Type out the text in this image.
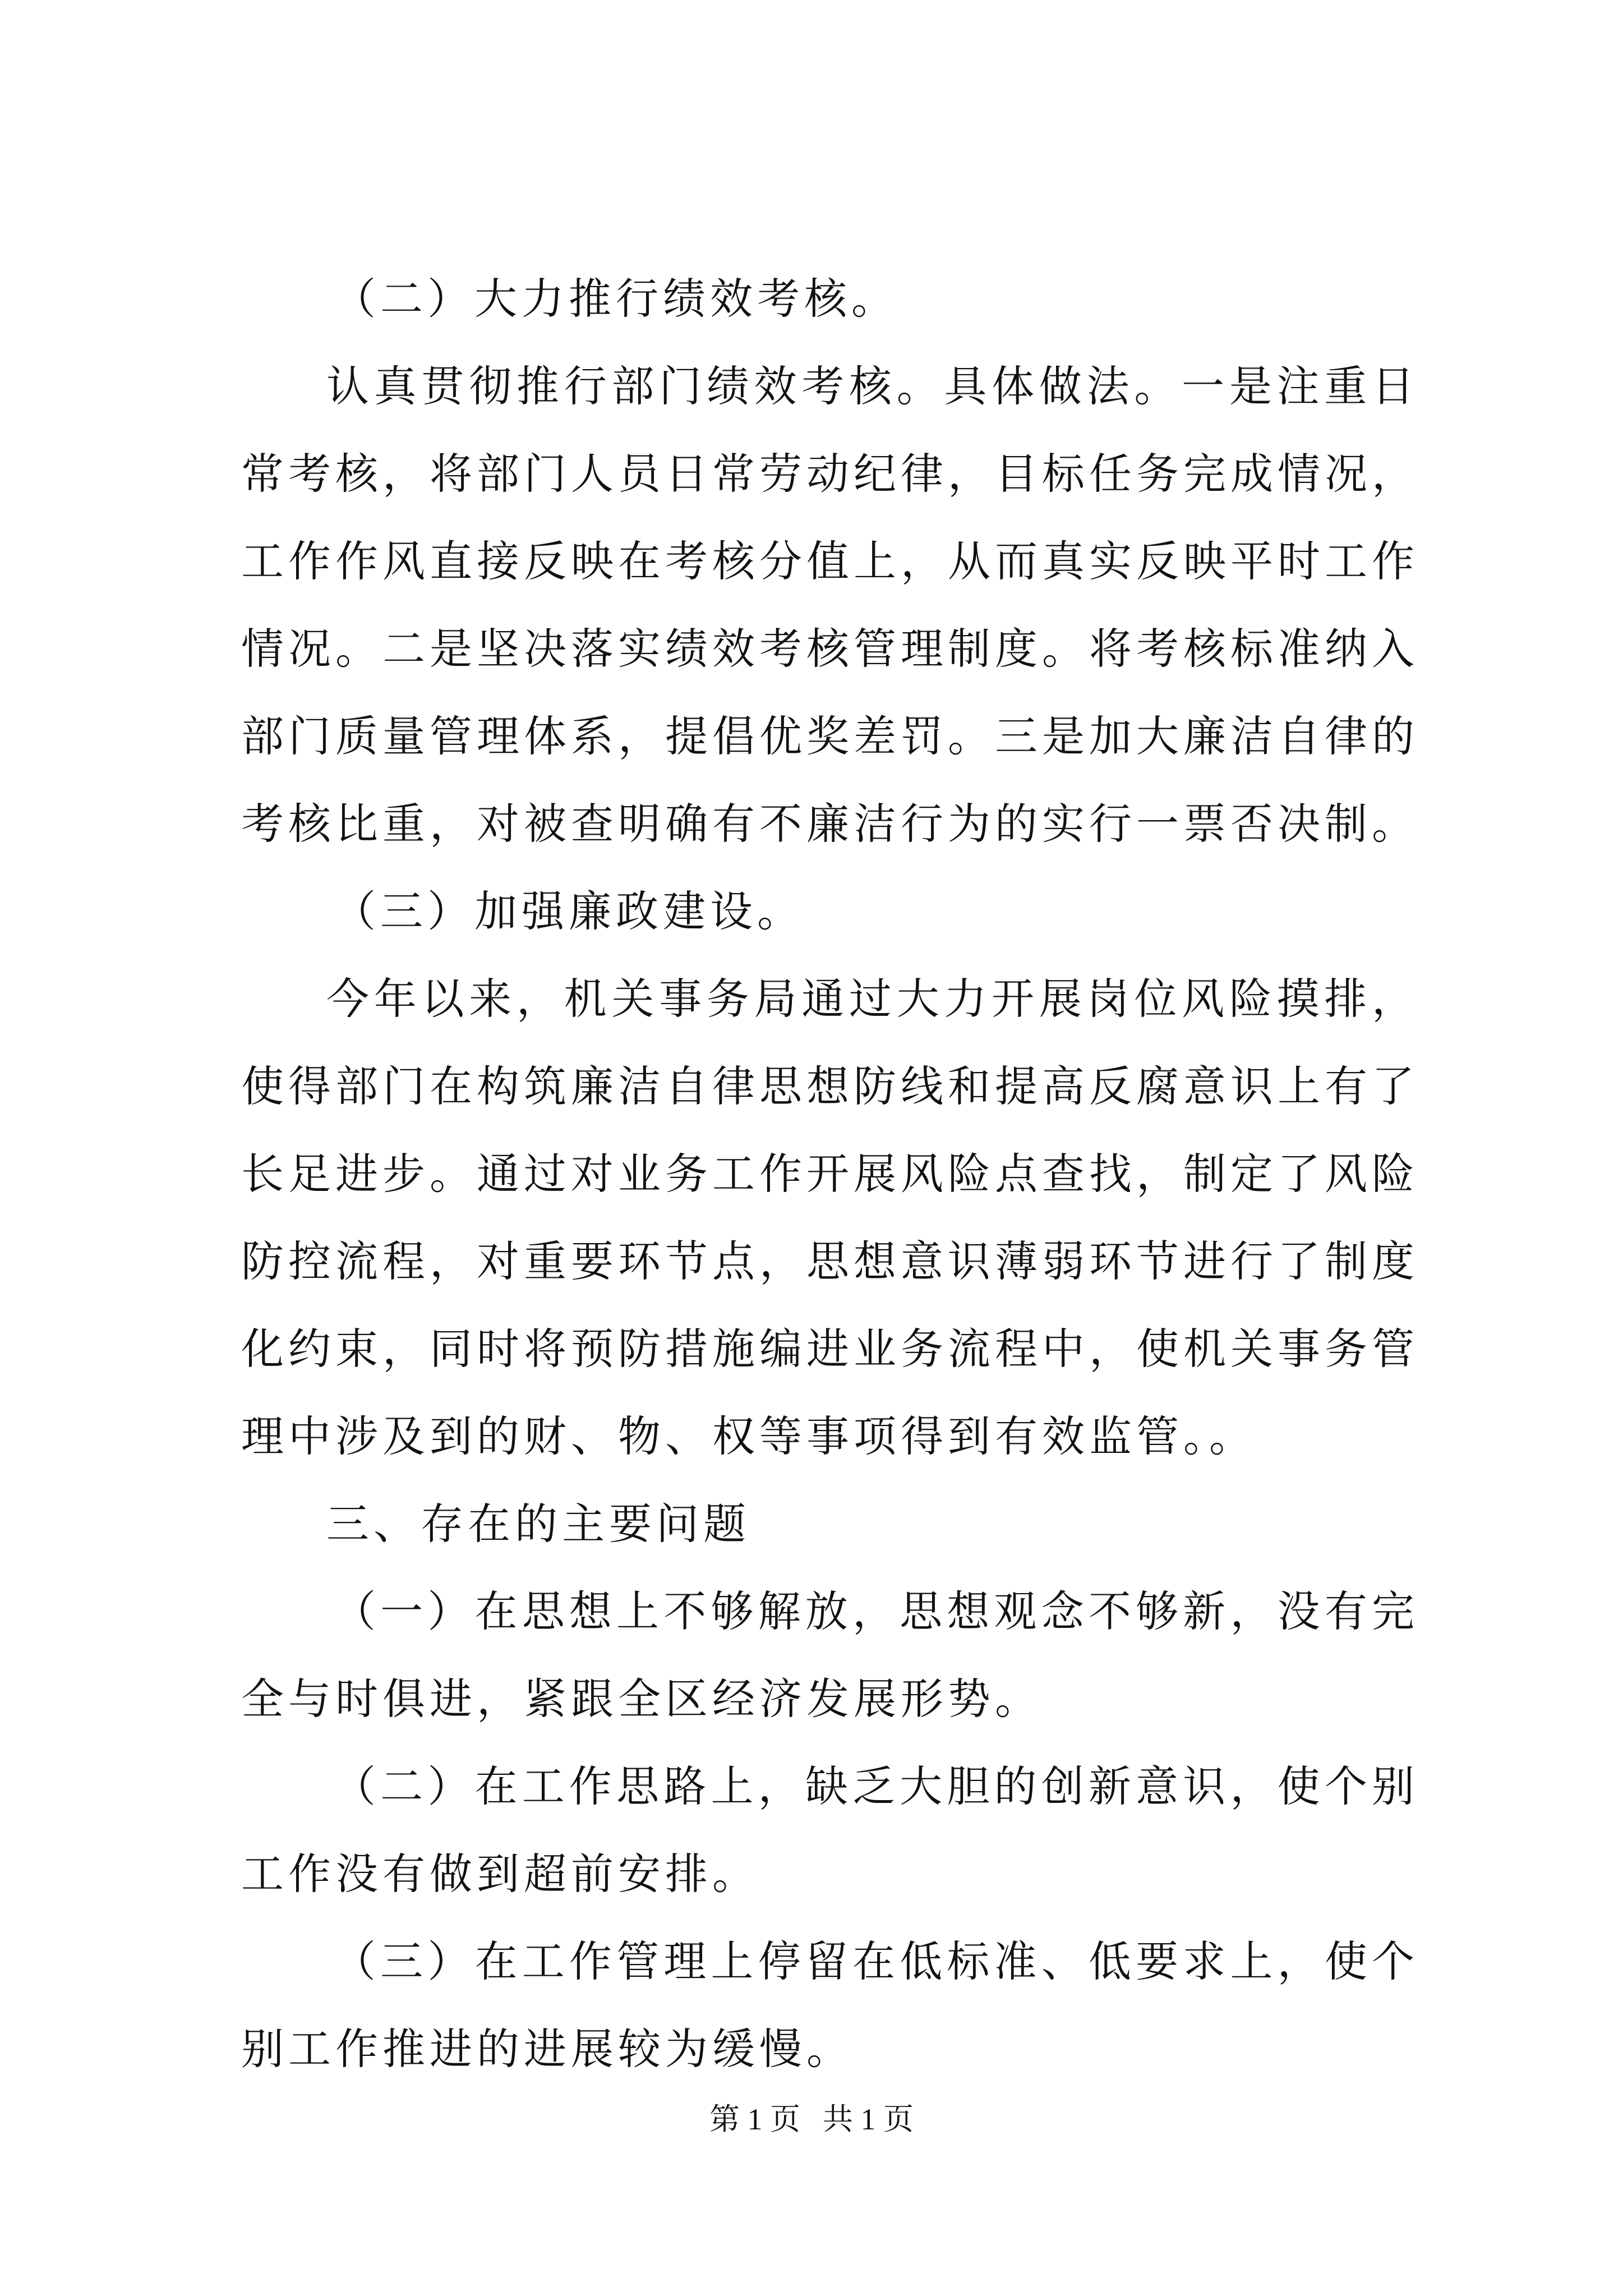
（二）大力推行绩效考核。

认真贯彻推行部门绩效考核。具体做法。一是注重日常考核，将部门人员日常劳动纪律，目标任务完成情况，工作作风直接反映在考核分值上，从而真实反映平时工作情况。二是坚决落实绩效考核管理制度。将考核标准纳入部门质量管理体系，提倡优奖差罚。三是加大廉洁自律的考核比重，对被查明确有不廉洁行为的实行一票否决制。

（三）加强廉政建设。

今年以来，机关事务局通过大力开展岗位风险摸排，使得部门在构筑廉洁自律思想防线和提高反腐意识上有了长足进步。通过对业务工作开展风险点查找，制定了风险防控流程，对重要环节点，思想意识薄弱环节进行了制度化约束，同时将预防措施编进业务流程中，使机关事务管理中涉及到的财、物、权等事项得到有效监管。。

三、存在的主要问题

（一）在思想上不够解放，思想观念不够新，没有完全与时俱进，紧跟全区经济发展形势。

（二）在工作思路上，缺乏大胆的创新意识，使个别工作没有做到超前安排。

（三）在工作管理上停留在低标准、低要求上，使个别工作推进的进展较为缓慢。

第 1 页 共 1 页
